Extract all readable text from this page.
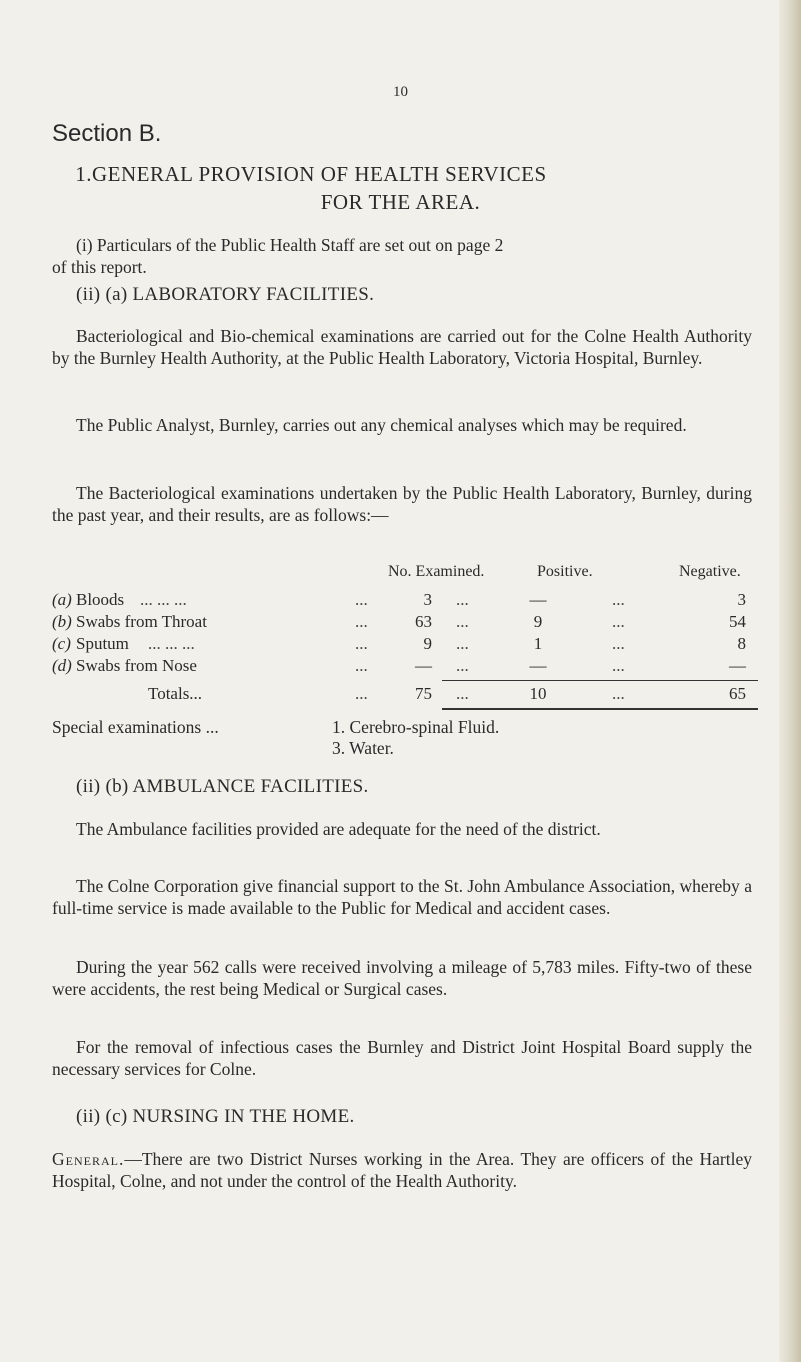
10
Section B.
1.GENERAL PROVISION OF HEALTH SERVICES
FOR THE AREA.
(i) Particulars of the Public Health Staff are set out on page 2
of this report.
(ii) (a) LABORATORY FACILITIES.
Bacteriological and Bio-chemical examinations are carried out for the Colne Health Authority by the Burnley Health Authority, at the Public Health Laboratory, Victoria Hospital, Burnley.
The Public Analyst, Burnley, carries out any chemical analyses which may be required.
The Bacteriological examinations undertaken by the Public Health Laboratory, Burnley, during the past year, and their results, are as follows:—
No. Examined.	Positive.	Negative.
(a) Bloods ... ... ...	...	3 ...	—	...	3
(b) Swabs from Throat	...	63 ...	9	...	54
(c) Sputum ... ... ...	...	9 ...	1	...	8
(d) Swabs from Nose	...	— ...	—	...	—
Totals...	...	75 ...	10	...	65
Special examinations ...	1. Cerebro-spinal Fluid.
3. Water.
(ii) (b) AMBULANCE FACILITIES.
The Ambulance facilities provided are adequate for the need of the district.
The Colne Corporation give financial support to the St. John Ambulance Association, whereby a full-time service is made available to the Public for Medical and accident cases.
During the year 562 calls were received involving a mileage of 5,783 miles. Fifty-two of these were accidents, the rest being Medical or Surgical cases.
For the removal of infectious cases the Burnley and District Joint Hospital Board supply the necessary services for Colne.
(ii) (c) NURSING IN THE HOME.
General.—There are two District Nurses working in the Area. They are officers of the Hartley Hospital, Colne, and not under the control of the Health Authority.
